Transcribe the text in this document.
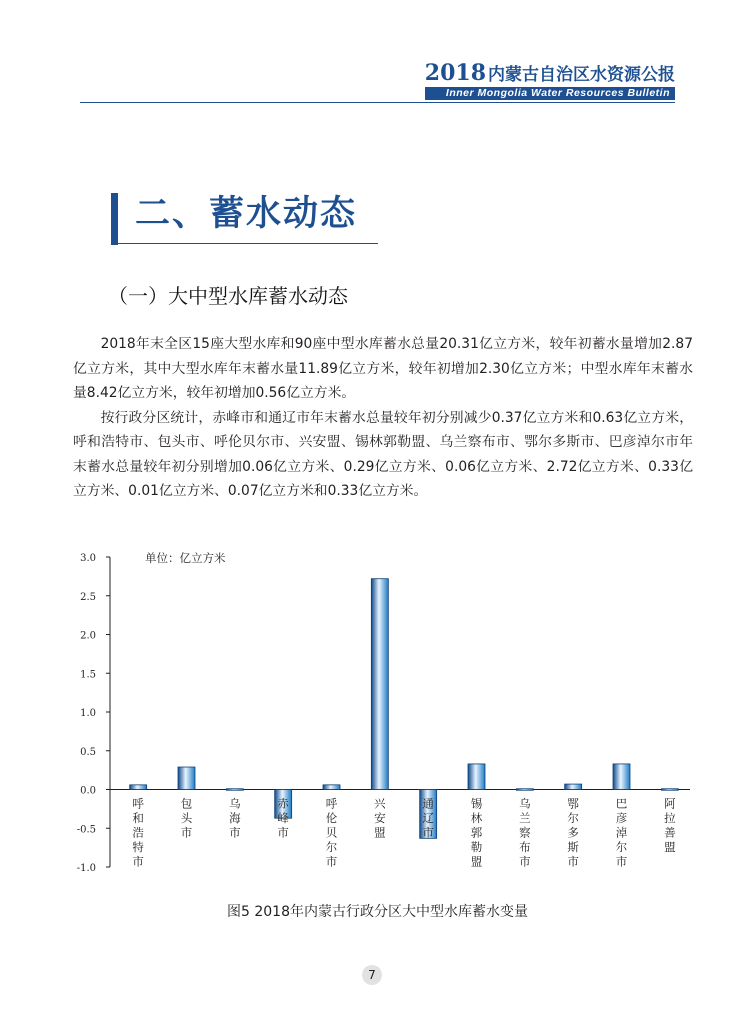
2018 内蒙古自治区水资源公报
Inner Mongolia Water Resources Bulletin
二、蓄水动态
（一）大中型水库蓄水动态

2018年末全区15座大型水库和90座中型水库蓄水总量20.31亿立方米，较年初蓄水量增加2.87亿立方米，其中大型水库年末蓄水量11.89亿立方米，较年初增加2.30亿立方米；中型水库年末蓄水量8.42亿立方米，较年初增加0.56亿立方米。

按行政分区统计，赤峰市和通辽市年末蓄水总量较年初分别减少0.37亿立方米和0.63亿立方米，呼和浩特市、包头市、呼伦贝尔市、兴安盟、锡林郭勒盟、乌兰察布市、鄂尔多斯市、巴彦淖尔市年末蓄水总量较年初分别增加0.06亿立方米、0.29亿立方米、0.06亿立方米、2.72亿立方米、0.33亿立方米、0.01亿立方米、0.07亿立方米和0.33亿立方米。

3.0
2.5
2.0
1.5
1.0
0.5
0.0
-0.5
-1.0
单位：亿立方米
呼和浩特市
包头市
乌海市
赤峰市
呼伦贝尔市
兴安盟
通辽市
锡林郭勒盟
乌兰察布市
鄂尔多斯市
巴彦淖尔市
阿拉善盟
图5 2018年内蒙古行政分区大中型水库蓄水变量
7
